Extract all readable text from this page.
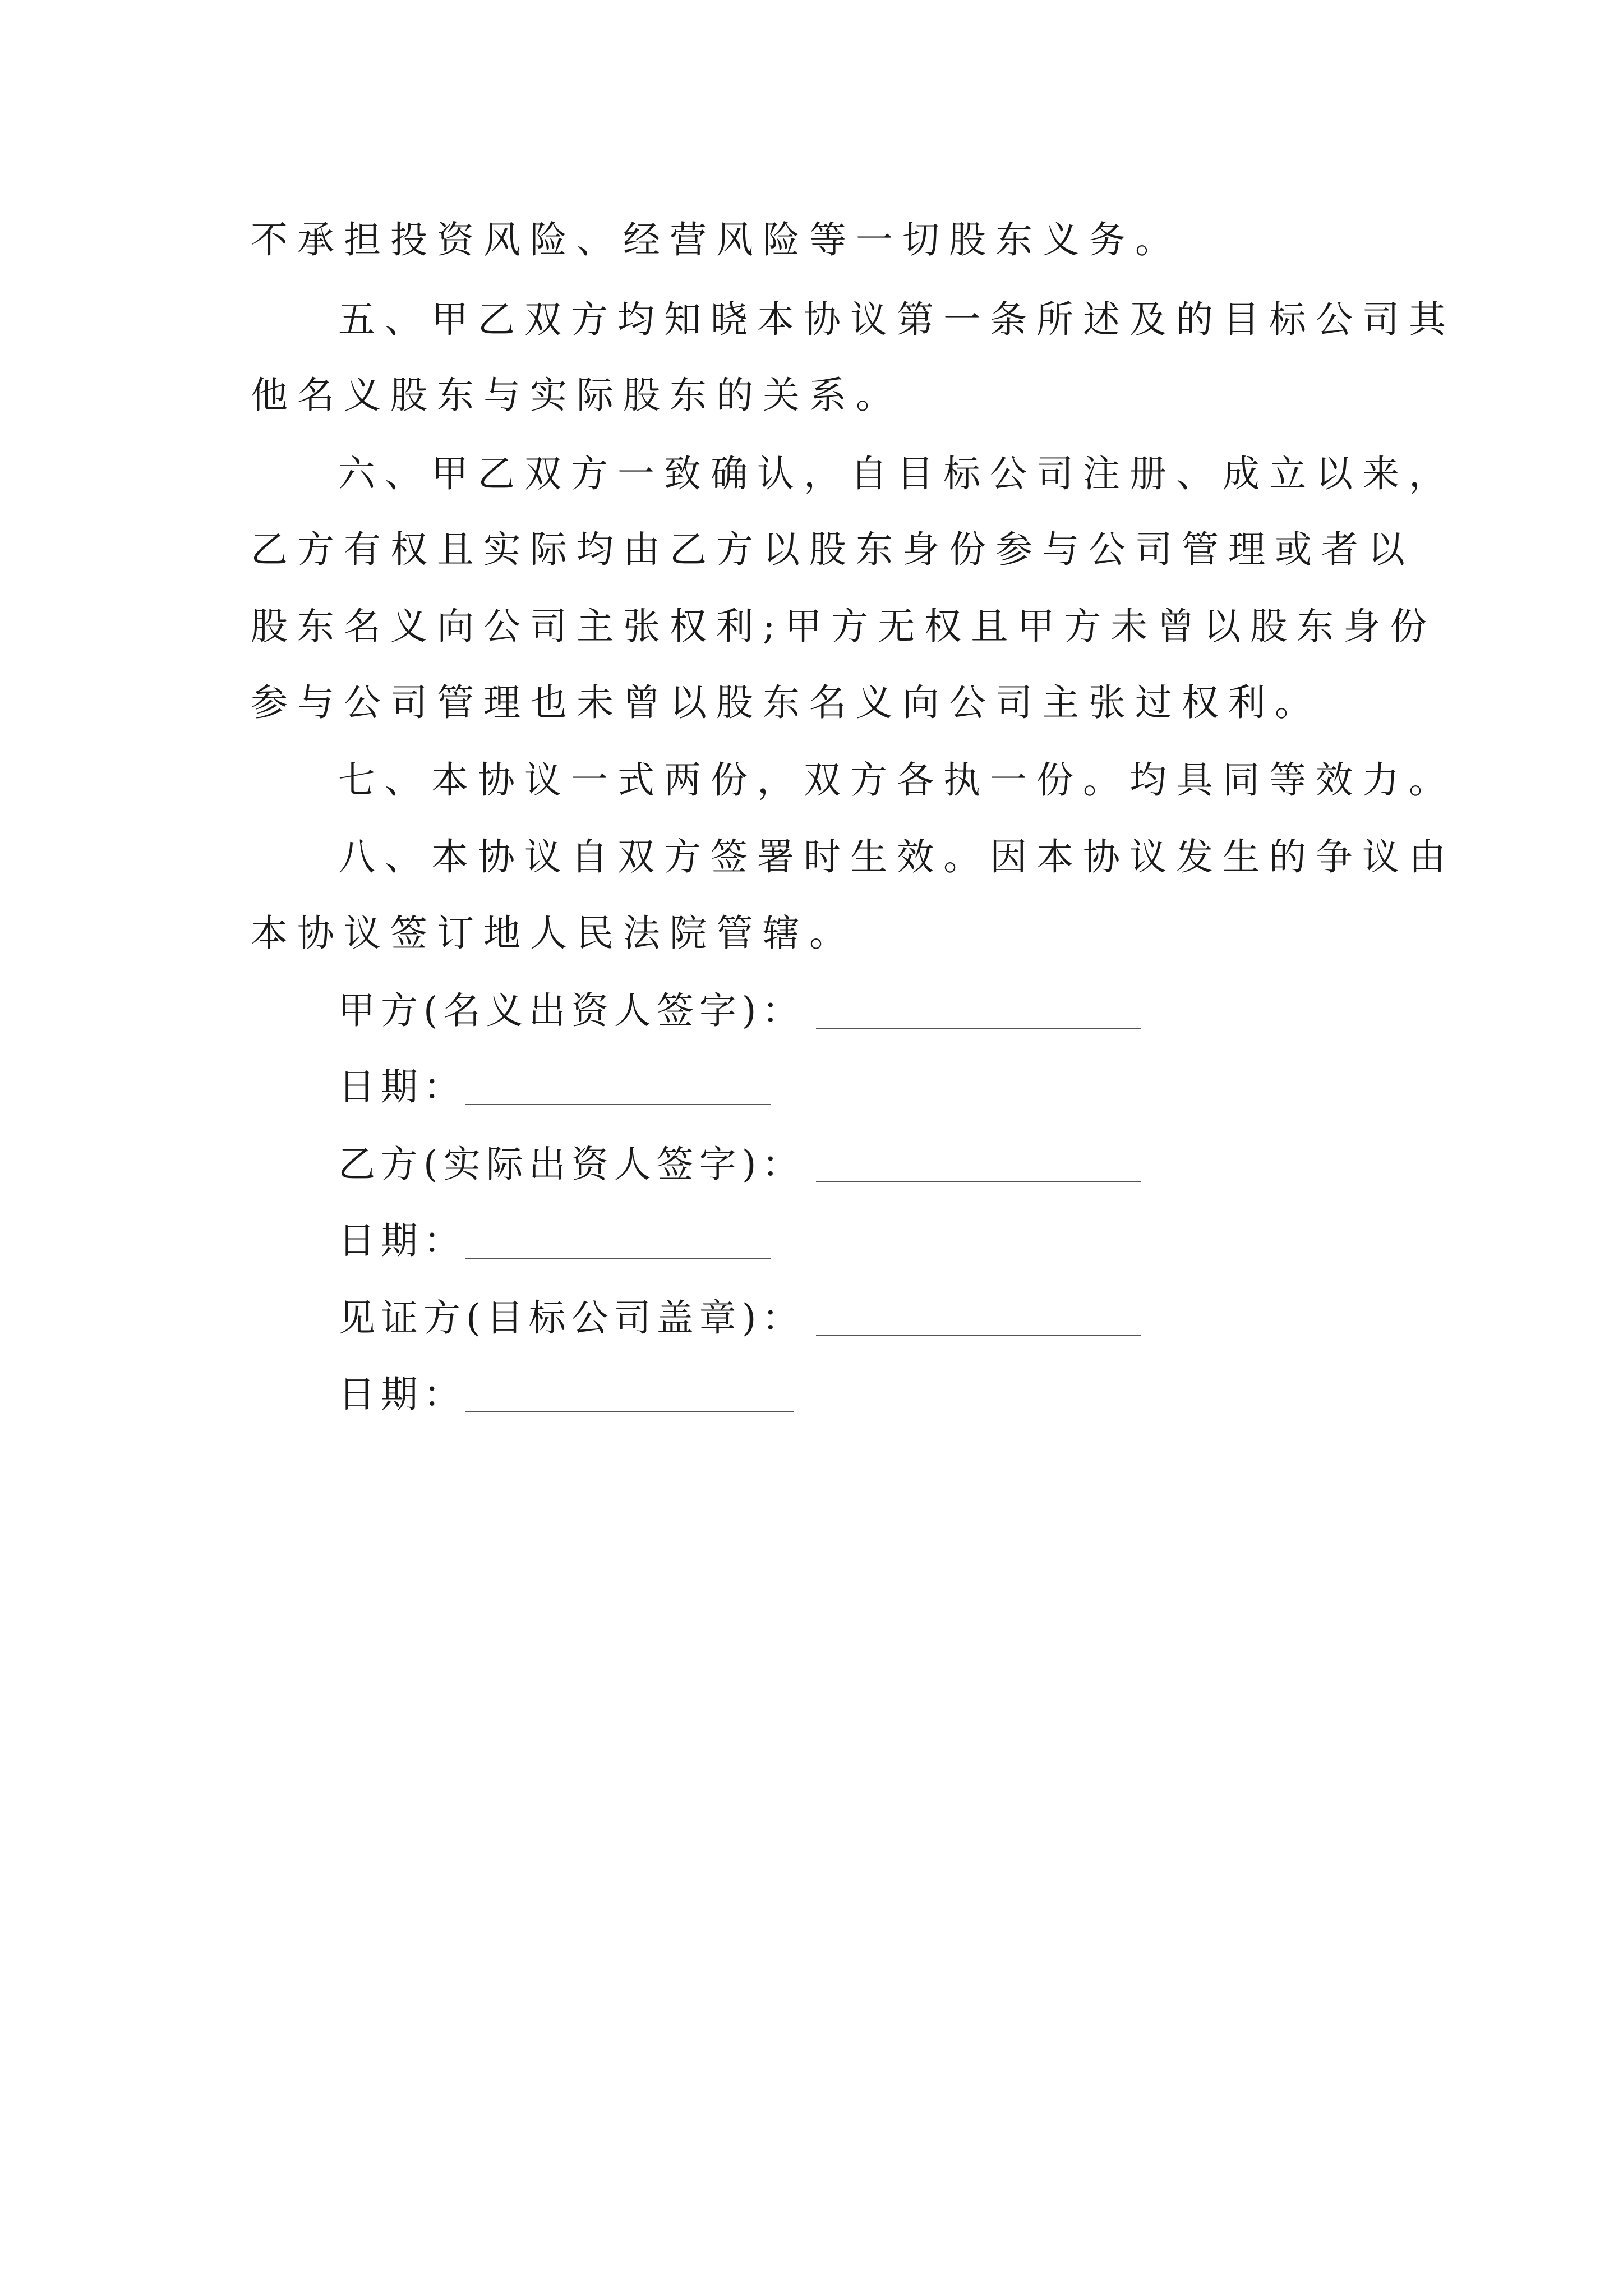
不承担投资风险、经营风险等一切股东义务。
五、甲乙双方均知晓本协议第一条所述及的目标公司其
他名义股东与实际股东的关系。
六、甲乙双方一致确认，自目标公司注册、成立以来，
乙方有权且实际均由乙方以股东身份参与公司管理或者以
股东名义向公司主张权利;甲方无权且甲方未曾以股东身份
参与公司管理也未曾以股东名义向公司主张过权利。
七、本协议一式两份，双方各执一份。均具同等效力。
八、本协议自双方签署时生效。因本协议发生的争议由
本协议签订地人民法院管辖。
甲方(名义出资人签字)：
日期：
乙方(实际出资人签字)：
日期：
见证方(目标公司盖章)：
日期：
